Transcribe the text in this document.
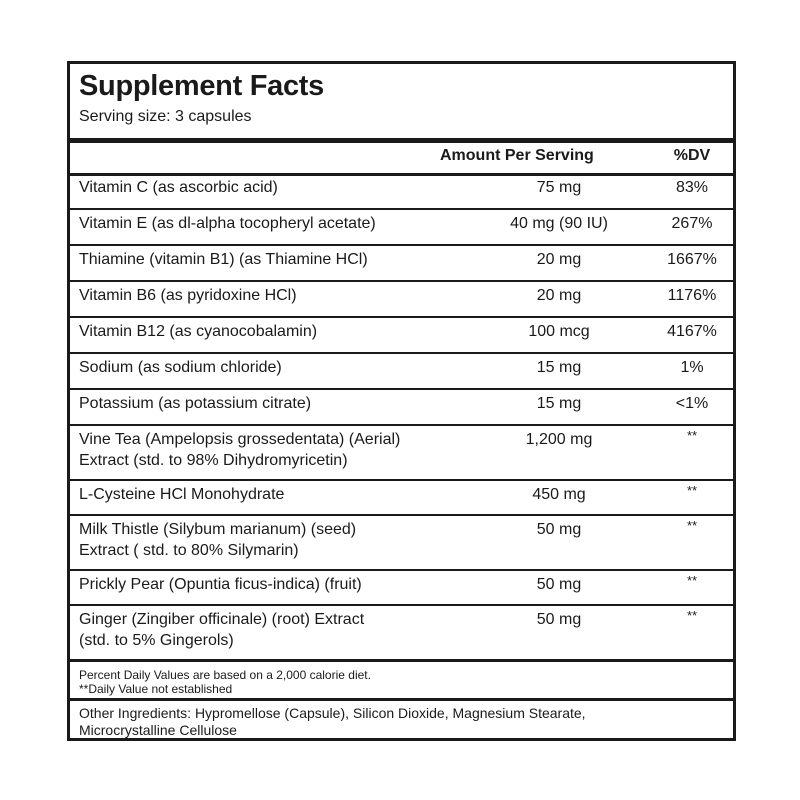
Supplement Facts
Serving size: 3 capsules
Amount Per Serving	%DV
Vitamin C (as ascorbic acid)	75 mg	83%
Vitamin E (as dl-alpha tocopheryl acetate)	40 mg (90 IU)	267%
Thiamine (vitamin B1) (as Thiamine HCl)	20 mg	1667%
Vitamin B6 (as pyridoxine HCl)	20 mg	1176%
Vitamin B12 (as cyanocobalamin)	100 mcg	4167%
Sodium (as sodium chloride)	15 mg	1%
Potassium (as potassium citrate)	15 mg	<1%
Vine Tea (Ampelopsis grossedentata) (Aerial)
Extract (std. to 98% Dihydromyricetin)
1,200 mg	**
L-Cysteine HCl Monohydrate	450 mg	**
Milk Thistle (Silybum marianum) (seed)
Extract ( std. to 80% Silymarin)
50 mg	**
Prickly Pear (Opuntia ficus-indica) (fruit)	50 mg	**
Ginger (Zingiber officinale) (root) Extract
(std. to 5% Gingerols)
50 mg	**
Percent Daily Values are based on a 2,000 calorie diet.
**Daily Value not established
Other Ingredients: Hypromellose (Capsule), Silicon Dioxide, Magnesium Stearate,
Microcrystalline Cellulose
